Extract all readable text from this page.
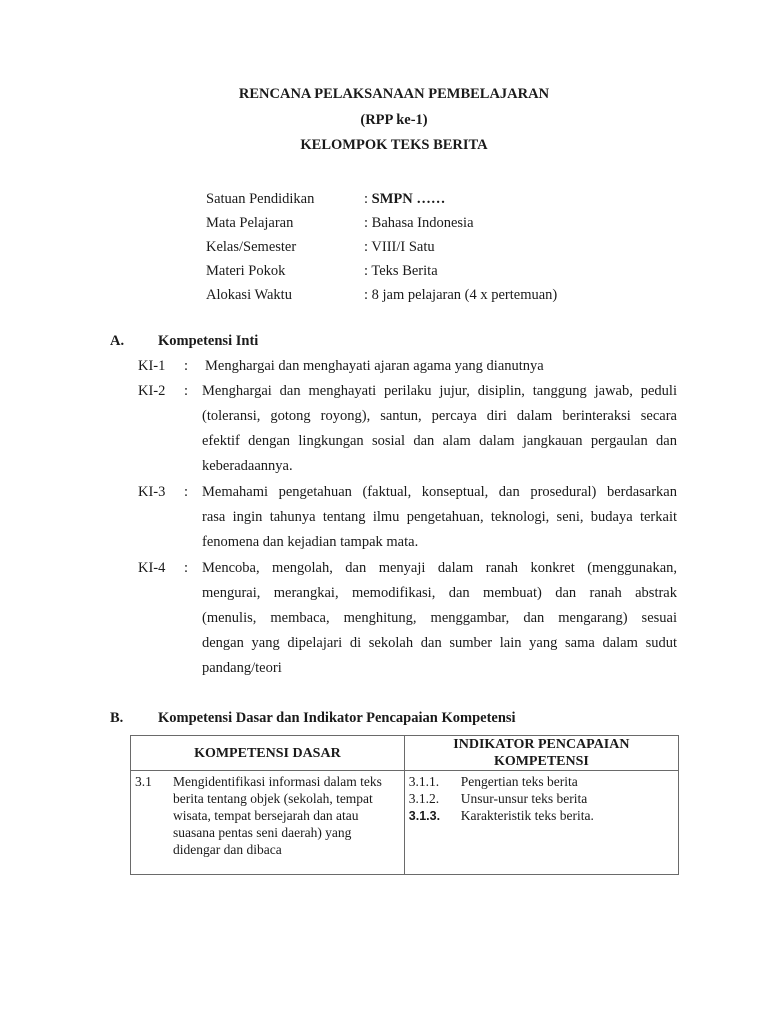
RENCANA PELAKSANAAN PEMBELAJARAN
(RPP ke-1)
KELOMPOK TEKS BERITA
Satuan Pendidikan	: SMPN ……
Mata Pelajaran	: Bahasa Indonesia
Kelas/Semester	: VIII/I Satu
Materi Pokok	: Teks Berita
Alokasi Waktu	: 8 jam pelajaran (4 x pertemuan)
A. Kompetensi Inti
KI-1 : Menghargai dan menghayati ajaran agama yang dianutnya
KI-2 : Menghargai dan menghayati perilaku jujur, disiplin, tanggung jawab, peduli
(toleransi, gotong royong), santun, percaya diri dalam berinteraksi secara
efektif dengan lingkungan sosial dan alam dalam jangkauan pergaulan dan
keberadaannya.
KI-3 : Memahami pengetahuan (faktual, konseptual, dan prosedural) berdasarkan
rasa ingin tahunya tentang ilmu pengetahuan, teknologi, seni, budaya terkait
fenomena dan kejadian tampak mata.
KI-4 : Mencoba, mengolah, dan menyaji dalam ranah konkret (menggunakan,
mengurai, merangkai, memodifikasi, dan membuat) dan ranah abstrak
(menulis, membaca, menghitung, menggambar, dan mengarang) sesuai
dengan yang dipelajari di sekolah dan sumber lain yang sama dalam sudut
pandang/teori
B. Kompetensi Dasar dan Indikator Pencapaian Kompetensi
KOMPETENSI DASAR	INDIKATOR PENCAPAIAN KOMPETENSI
3.1 Mengidentifikasi informasi dalam teks berita tentang objek (sekolah, tempat wisata, tempat bersejarah dan atau suasana pentas seni daerah) yang didengar dan dibaca	3.1.1. Pengertian teks berita
3.1.2. Unsur-unsur teks berita
3.1.3. Karakteristik teks berita.
